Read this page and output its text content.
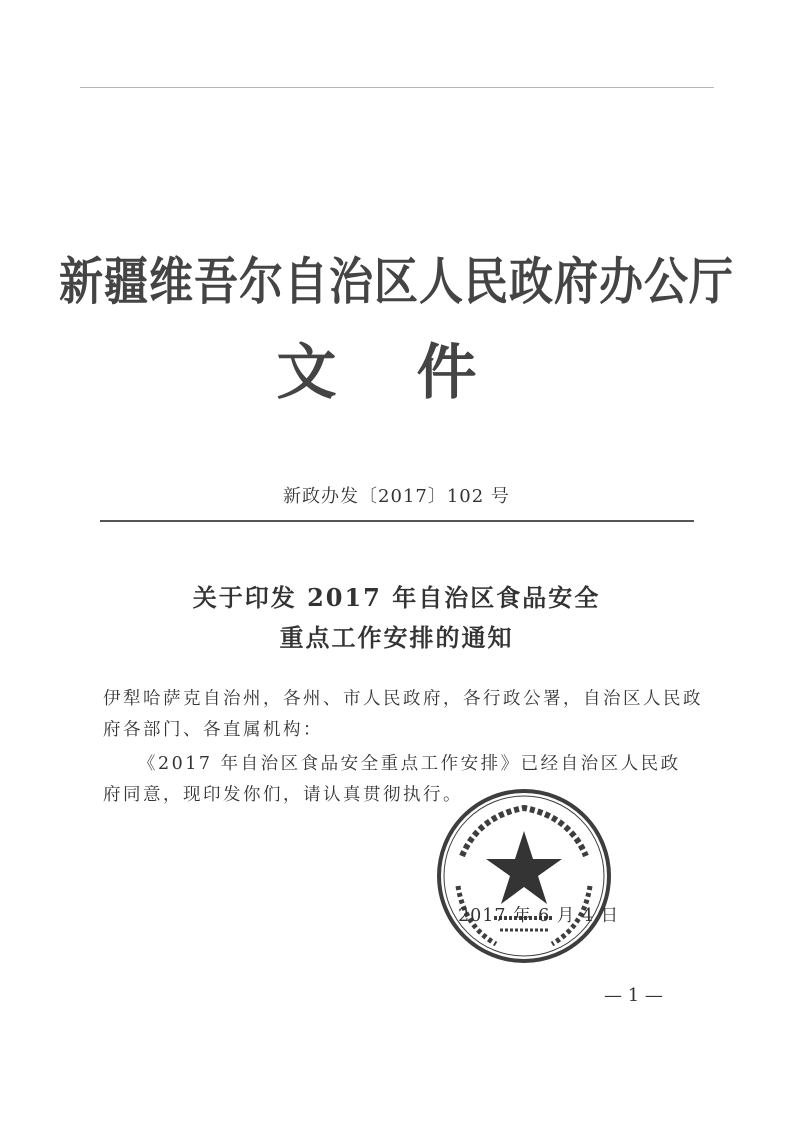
新疆维吾尔自治区人民政府办公厅
文件
新政办发〔2017〕102 号
关于印发 2017 年自治区食品安全
重点工作安排的通知
伊犁哈萨克自治州，各州、市人民政府，各行政公署，自治区人民政
府各部门、各直属机构：
《2017 年自治区食品安全重点工作安排》已经自治区人民政
府同意，现印发你们，请认真贯彻执行。
2017 年 6 月 4 日
— 1 —
